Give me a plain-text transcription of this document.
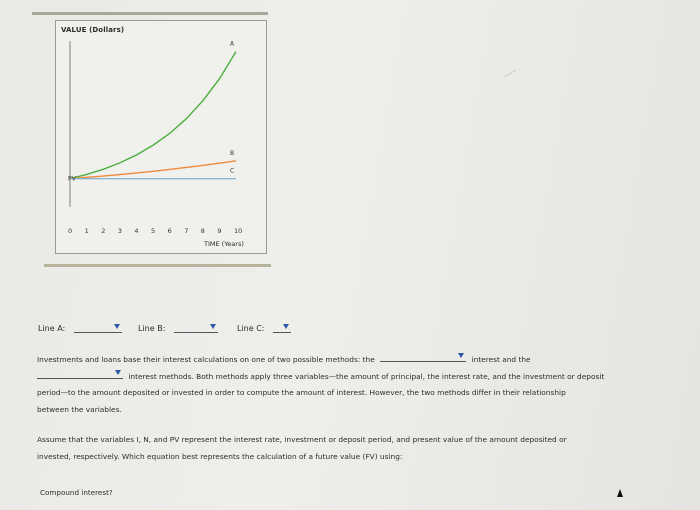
VALUE (Dollars)
A
B
C
PV
0 1 2 3 4 5 6 7 8 9 10
TIME (Years)
Line A:	Line B:	Line C:
Investments and loans base their interest calculations on one of two possible methods: the	interest and the
interest methods. Both methods apply three variables—the amount of principal, the interest rate, and the investment or deposit
period—to the amount deposited or invested in order to compute the amount of interest. However, the two methods differ in their relationship
between the variables.
Assume that the variables I, N, and PV represent the interest rate, investment or deposit period, and present value of the amount deposited or
invested, respectively. Which equation best represents the calculation of a future value (FV) using:
Compound interest?
